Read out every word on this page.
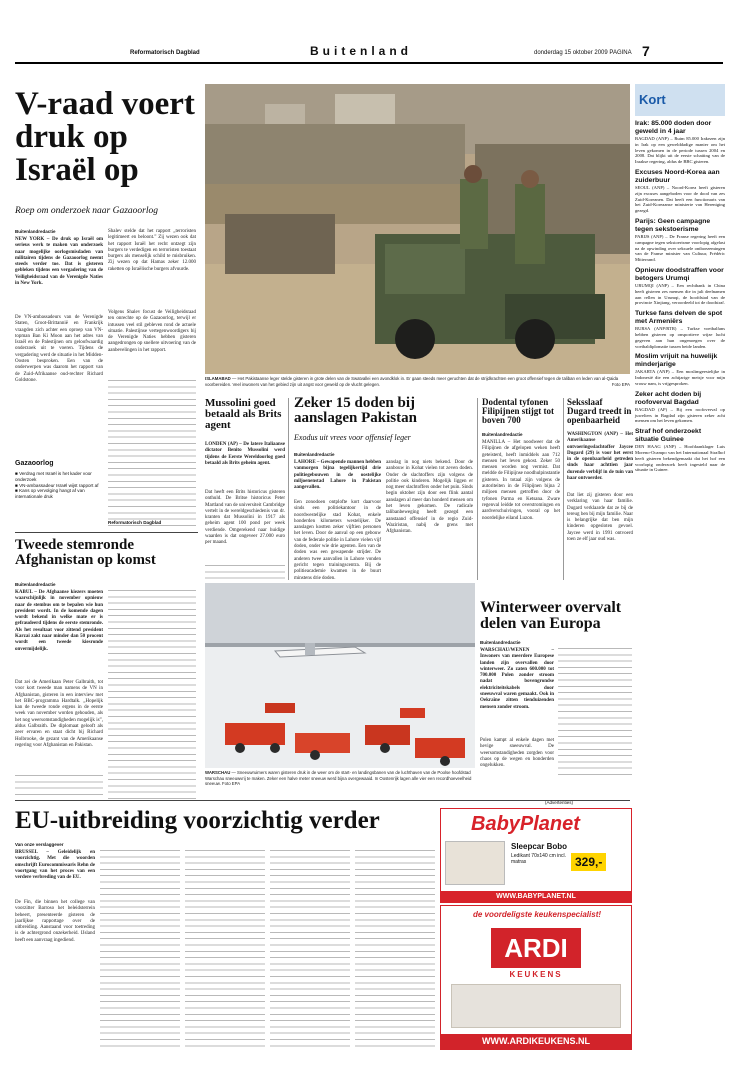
Reformatorisch Dagblad	Buitenland	donderdag 15 oktober 2009 PAGINA 7
V-raad voert druk op Israël op
Roep om onderzoek naar Gazaoorlog
Buitenlandredactie
NEW YORK – De druk op Israël om serieus werk te maken van onderzoek naar mogelijke oorlogsmisdaden van militairen tijdens de Gazaoorlog neemt steeds verder toe. Dat is gisteren gebleken tijdens een vergadering van de Veiligheidsraad van de Verenigde Naties in New York.
De VN-ambassadeurs van de Verenigde Staten, Groot-Brittannië en Frankrijk vraagden zich achter een oproep van VN-topman Ban Ki Moon aan het adres van Israël en de Palestijnen om geloofwaardig onderzoek uit te voeren. Tijdens de vergadering werd de situatie in het Midden-Oosten besproken. Een van de onderwerpen was daarom het rapport van de Zuid-Afrikaanse oud-rechter Richard Goldstone.
Shalev stelde dat het rapport „terroristen legitimeert en beloont.” Zij wezen ook dat het rapport Israël het recht ontzegt zijn burgers te verdedigen en terroristen toestaat burgers als menselijk schild te misbruiken. Zij wezen op dat Hamas zeker 12.000 raketten op Israëlische burgers afvuurde.
Volgens Shalev focust de Veiligheidsraad ten onrechte op de Gazaoorlog, terwijl er intussen veel stil gebleven rond de actuele situatie. Palestijnse vertegenwoordigers bij de Verenigde Naties hebben gisteren aangedrongen op snellere uitvoering van de aanbevelingen in het rapport.
Gazaoorlog
■ Verdrag met Israël is het kader voor onderzoek
■ VN-ambassadeur Israël wijst rapport af
■ Kans op vervolging hangt af van internationale druk
Reformatorisch Dagblad
Tweede stemronde Afghanistan op komst
Buitenlandredactie
KABUL – De Afghaanse kiezers moeten waarschijnlijk in november opnieuw naar de stembus om te bepalen wie hun president wordt. In de komende dagen wordt bekend in welke mate er is gefraudeerd tijdens de eerste stemronde. Als het resultaat voor zittend president Karzai zakt naar minder dan 50 procent wordt een tweede kiesronde onvermijdelijk.
Dat zei de Amerikaan Peter Galbraith, tot voor kort tweede man namens de VN in Afghanistan, gisteren in een interview met het BBC-programma Hardtalk. „Hopelijk kan de tweede ronde ergens in de eerste week van november worden gehouden, als het nog weersomstandigheden mogelijk is”, aldus Galbraith. De diplomaat gelooft als zeer ervaren en staat dicht bij Richard Holbrooke, de gezant van de Amerikaanse regering voor Afghanistan en Pakistan.
ISLAMABAD — Het Pakistaanse leger stelde gisteren in grote delen van de Swatvallei een avondklok in. Er gaan steeds meer geruchten dat de strijdkrachten een groot offensief tegen de taliban en leden van al-Qaida voorbereiden. Veel inwoners van het gebied zijn uit angst voor geweld op de vlucht gelegen.	Foto EPA
Mussolini goed betaald als Brits agent
LONDEN (AP) – De latere Italiaanse dictator Benito Mussolini werd tijdens de Eerste Wereldoorlog goed betaald als Brits geheim agent.
Dat heeft een Brits historicus gisteren onthuld. De Britse historicus Peter Martland van de universiteit Cambridge vertelt in de wereldgeschiedenis van dr. kranten dat Mussolini in 1917 als geheim agent 100 pond per week verdiende. Omgerekend naar huidige waarden is dat ongeveer 27.000 euro per maand.
Zeker 15 doden bij aanslagen Pakistan
Exodus uit vrees voor offensief leger
Buitenlandredactie
LAHORE – Gewapende mannen hebben vanmorgen bijna tegelijkertijd drie politiegebouwen in de oostelijke miljoenenstad Lahore in Pakistan aangevallen.
Een zonodoen ontplofte kort daarvoor sinds een politiekantoor in de noordwestelijke stad Kohat, enkele honderden kilometers westelijker. De aanslagen kostten zeker vijftien personen het leven. Door de aanval op een gebouw van de federale politie in Lahore vielen vijf doden, onder wie drie agenten. Een van de doden was een gewapende strijder. De anderen twee aanvallen in Lahore vonden gericht tegen trainingscentra. Bij de politieacademie kwamen in de buurt minstens drie doden.
aanslag in nog niets bekend. Door de aanbouw in Kohat vielen tot zeven doden. Onder de slachtoffers zijn volgens de politie ook kinderen. Mogelijk liggen er nog meer slachtoffers onder het puin. Sinds begin oktober zijn door een flink aantal aanslagen al meer dan honderd mensen om het leven gekomen. De radicale talibanbeweging heeft gezegd een aanstaand offensief in de regio Zuid-Waziristan, nabij de grens met Afghanistan.
Dodental tyfonen Filipijnen stijgt tot boven 700
Buitenlandredactie
MANILLA – Het noodweer dat de Filipijnen de afgelopen weken heeft geteisterd, heeft inmiddels aan 712 mensen het leven gekost. Zeker 50 mensen worden nog vermist. Dat meldde de Filipijnse noodhulpinstantie gisteren. In totaal zijn volgens de autoriteiten in de Filipijnen bijna 2 miljoen mensen getroffen door de tyfonen Parma en Ketsana. Zware regenval leidde tot overstromingen en aardverschuivingen, vooral op het noordelijke eiland Luzon.
Seksslaaf Dugard treedt in openbaarheid
WASHINGTON (ANP) – Het Amerikaanse ontvoeringsslachtoffer Jaycee Dugard (29) is voor het eerst in de openbaarheid getreden sinds haar achttien jaar durende verblijf in de tuin van haar ontvoerder.
Dat liet zij gisteren door een verklaring van haar familie. Dugard verklaarde dat ze bij de tereug ben bij mijn familie. Naar is belangrijke dat ben mijn kinderen opgesloten gevoel. Jaycee werd in 1991 ontvoerd toen ze elf jaar oud was.
WARSCHAU — Sneeuwruimers waren gisteren druk in de weer om de start- en landingsbanen van de luchthaven van de Poolse hoofdstad Warschau sneeuwvrij te maken. Zeker een halve meter sneeuw werd bijna overgewaaid. In Oostenrijk lagen alle vier een recordhoeveelheid sneeuw. Foto EPA
Winterweer overvalt delen van Europa
Buitenlandredactie
WARSCHAU/WENEN – Inwoners van meerdere Europese landen zijn overvallen door winterweer. Zo zaten 600.000 tot 700.000 Polen zonder stroom nadat bovengrondse elektriciteitskabels door sneeuwval waren gemaakt. Ook in Oekraïne zitten tienduizenden mensen zonder stroom.
Polen kampt al enkele dagen met hevige sneeuwval. De weersomstandigheden zorgden voor chaos op de wegen en honderden ongelukken.
EU-uitbreiding voorzichtig verder
Van onze verslaggever
BRUSSEL – Geleidelijk en voorzichtig. Met die woorden omschrijft Eurocommissaris Rehn de voortgang van het proces van een verdere verbreding van de EU.
De Fin, die binnen het college van voorzitter Barroso het beleidsterrein beheert, presenteerde gisteren de jaarlijkse rapportage over de uitbreiding. Aanstaand voor toetreding is de achtergrond onzekerheid. IJsland heeft een aanvraag ingediend.
(Advertenties)
BabyPlanet
Sleepcar Bobo
Ledikant 70x140 cm incl. matras	329,-
WWW.BABYPLANET.NL
de voordeligste keukenspecialist!
ARDI
KEUKENS
WWW.ARDIKEUKENS.NL
Kort
Irak: 85.000 doden door geweld in 4 jaar
BAGDAD (ANP) – Ruim 85.000 Irakezen zijn in Irak op een gewelddadige manier om het leven gekomen in de periode tussen 2004 en 2008. Dat blijkt uit de eerste schatting van de Iraakse regering, aldus de BBC gisteren.
Excuses Noord-Korea aan zuiderbuur
SEOUL (ANP) – Noord-Korea heeft gisteren zijn excuses aangeboden voor de dood van zes Zuid-Koreanen. Dat heeft een functionaris van het Zuid-Koreaanse ministerie van Hereniging gezegd.
Parijs: Geen campagne tegen sekstoerisme
PARIJS (ANP) – De Franse regering heeft een campagne tegen sekstoerisme voorlopig afgelast na de opwinding over seksuele ontboezemingen van de Franse minister van Cultuur, Frédéric Mitterrand.
Opnieuw doodstraffen voor betogers Urumqi
URUMQI (ANP) – Een rechtbank in China heeft gisteren zes mensen die in juli deelnamen aan rellen in Urumqi, de hoofdstad van de provincie Xinjiang, veroordeeld tot de doodstraf.
Turkse fans delven de spot met Armeniërs
BURSA (ANP/RTR) – Turkse voetbalfans hebben gisteren op onsportieve wijze lucht gegeven aan hun ongenoegen over de voetbaldiplomatie tussen beide landen.
Moslim vrijuit na huwelijk minderjarige
JAKARTA (ANP) – Een moslimgeestelijke in Indonesië die een achtjarige meisje voor mijn vrouw nam, is vrijgesproken.
Zeker acht doden bij roofoverval Bagdad
BAGDAD (AP) – Bij een roofoverval op juweliers in Bagdad zijn gisteren zeker acht mensen om het leven gekomen.
Straf hof onderzoekt situatie Guinee
DEN HAAG (ANP) – Hoofdaanklager Luis Moreno-Ocampo van het Internationaal Strafhof heeft gisteren bekendgemaakt dat het hof een voorlopig onderzoek heeft ingesteld naar de situatie in Guinee.
